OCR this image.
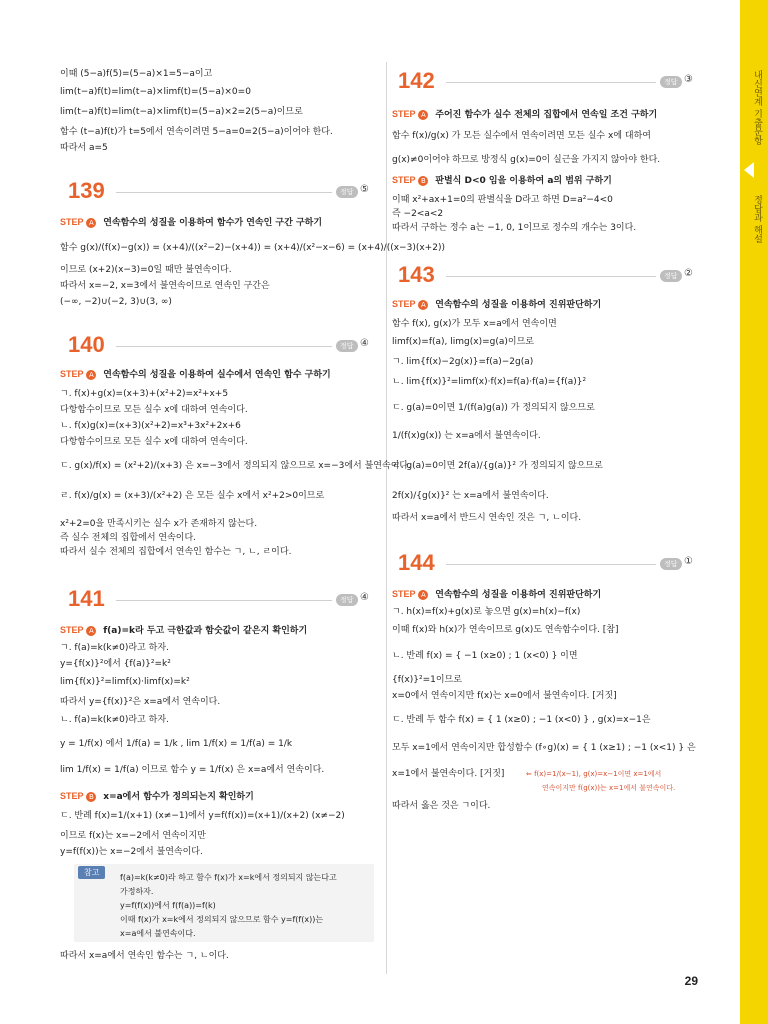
내신연계 기출문항
정답과 해설
이때 (5−a)f(5)=(5−a)×1=5−a이고
lim(t−a)f(t)=lim(t−a)×limf(t)=(5−a)×0=0
lim(t−a)f(t)=lim(t−a)×limf(t)=(5−a)×2=2(5−a)이므로
함수 (t−a)f(t)가 t=5에서 연속이려면 5−a=0=2(5−a)이어야 한다.
따라서 a=5
139	정답 ⑤
STEP A 연속함수의 성질을 이용하여 함수가 연속인 구간 구하기
함수 g(x)/(f(x)−g(x)) = (x+4)/((x²−2)−(x+4)) = (x+4)/(x²−x−6) = (x+4)/((x−3)(x+2))
이므로 (x+2)(x−3)=0일 때만 불연속이다.
따라서 x=−2, x=3에서 불연속이므로 연속인 구간은
(−∞, −2)∪(−2, 3)∪(3, ∞)
140	정답 ④
STEP A 연속함수의 성질을 이용하여 실수에서 연속인 함수 구하기
ㄱ. f(x)+g(x)=(x+3)+(x²+2)=x²+x+5
다항함수이므로 모든 실수 x에 대하여 연속이다.
ㄴ. f(x)g(x)=(x+3)(x²+2)=x³+3x²+2x+6
다항함수이므로 모든 실수 x에 대하여 연속이다.
ㄷ. g(x)/f(x) = (x²+2)/(x+3) 은 x=−3에서 정의되지 않으므로 x=−3에서 불연속이다.
ㄹ. f(x)/g(x) = (x+3)/(x²+2) 은 모든 실수 x에서 x²+2>0이므로
x²+2=0을 만족시키는 실수 x가 존재하지 않는다.
즉 실수 전체의 집합에서 연속이다.
따라서 실수 전체의 집합에서 연속인 함수는 ㄱ, ㄴ, ㄹ이다.
141	정답 ④
STEP A f(a)=k라 두고 극한값과 함숫값이 같은지 확인하기
ㄱ. f(a)=k(k≠0)라고 하자.
y={f(x)}²에서 {f(a)}²=k²
lim{f(x)}²=limf(x)·limf(x)=k²
따라서 y={f(x)}²은 x=a에서 연속이다.
ㄴ. f(a)=k(k≠0)라고 하자.
y = 1/f(x) 에서 1/f(a) = 1/k , lim 1/f(x) = 1/f(a) = 1/k
lim 1/f(x) = 1/f(a) 이므로 함수 y = 1/f(x) 은 x=a에서 연속이다.
STEP B x=a에서 함수가 정의되는지 확인하기
ㄷ. 반례 f(x)=1/(x+1) (x≠−1)에서 y=f(f(x))=(x+1)/(x+2) (x≠−2)
이므로 f(x)는 x=−2에서 연속이지만
y=f(f(x))는 x=−2에서 불연속이다.
참고
f(a)=k(k≠0)라 하고 함수 f(x)가 x=k에서 정의되지 않는다고
가정하자.
y=f(f(x))에서 f(f(a))=f(k)
이때 f(x)가 x=k에서 정의되지 않으므로 함수 y=f(f(x))는
x=a에서 불연속이다.
따라서 x=a에서 연속인 함수는 ㄱ, ㄴ이다.
142	정답 ③
STEP A 주어진 함수가 실수 전체의 집합에서 연속일 조건 구하기
함수 f(x)/g(x) 가 모든 실수에서 연속이려면 모든 실수 x에 대하여
g(x)≠0이어야 하므로 방정식 g(x)=0이 실근을 가지지 않아야 한다.
STEP B 판별식 D<0 임을 이용하여 a의 범위 구하기
이때 x²+ax+1=0의 판별식을 D라고 하면 D=a²−4<0
즉 −2<a<2
따라서 구하는 정수 a는 −1, 0, 1이므로 정수의 개수는 3이다.
143	정답 ②
STEP A 연속함수의 성질을 이용하여 진위판단하기
함수 f(x), g(x)가 모두 x=a에서 연속이면
limf(x)=f(a), limg(x)=g(a)이므로
ㄱ. lim{f(x)−2g(x)}=f(a)−2g(a)
ㄴ. lim{f(x)}²=limf(x)·f(x)=f(a)·f(a)={f(a)}²
ㄷ. g(a)=0이면 1/(f(a)g(a)) 가 정의되지 않으므로
1/(f(x)g(x)) 는 x=a에서 불연속이다.
ㄹ. g(a)=0이면 2f(a)/{g(a)}² 가 정의되지 않으므로
2f(x)/{g(x)}² 는 x=a에서 불연속이다.
따라서 x=a에서 반드시 연속인 것은 ㄱ, ㄴ이다.
144	정답 ①
STEP A 연속함수의 성질을 이용하여 진위판단하기
ㄱ. h(x)=f(x)+g(x)로 놓으면 g(x)=h(x)−f(x)
이때 f(x)와 h(x)가 연속이므로 g(x)도 연속함수이다. [참]
ㄴ. 반례 f(x) = { −1 (x≥0) ; 1 (x<0) } 이면
{f(x)}²=1이므로
x=0에서 연속이지만 f(x)는 x=0에서 불연속이다. [거짓]
ㄷ. 반례 두 함수 f(x) = { 1 (x≥0) ; −1 (x<0) } , g(x)=x−1은
모두 x=1에서 연속이지만 합성함수 (f∘g)(x) = { 1 (x≥1) ; −1 (x<1) } 은
x=1에서 불연속이다. [거짓]	⇐ f(x)=1/(x−1), g(x)=x−1이면 x=1에서
연속이지만 f(g(x))는 x=1에서 불연속이다.
따라서 옳은 것은 ㄱ이다.
29
